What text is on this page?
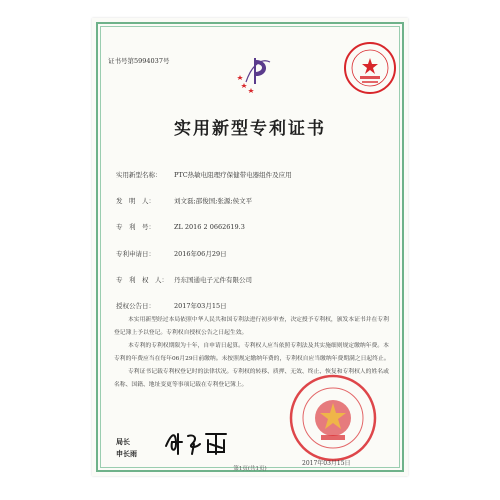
证书号第5994037号
实用新型专利证书
实用新型名称： PTC热敏电阻理疗保健带电器组件及应用
发　明　人：	刘文磊;邵俊国;张源;侯文平
专　利　号：	ZL 2016 2 0662619.3
专利申请日：	2016年06月29日
专　利　权　人： 丹东国通电子元件有限公司
授权公告日：	2017年03月15日

本实用新型经过本局依照中华人民共和国专利法进行初步审查，决定授予专利权，颁发本证书并在专利登记簿上予以登记。专利权自授权公告之日起生效。

本专利的专利权期限为十年，自申请日起算。专利权人应当依照专利法及其实施细则规定缴纳年费。本专利的年费应当在每年06月29日前缴纳。未按照规定缴纳年费的，专利权自应当缴纳年费期满之日起终止。

专利证书记载专利权登记时的法律状况。专利权的转移、质押、无效、终止、恢复和专利权人的姓名或名称、国籍、地址变更等事项记载在专利登记簿上。

局长
申长雨
2017年03月15日
第1页(共1页)
